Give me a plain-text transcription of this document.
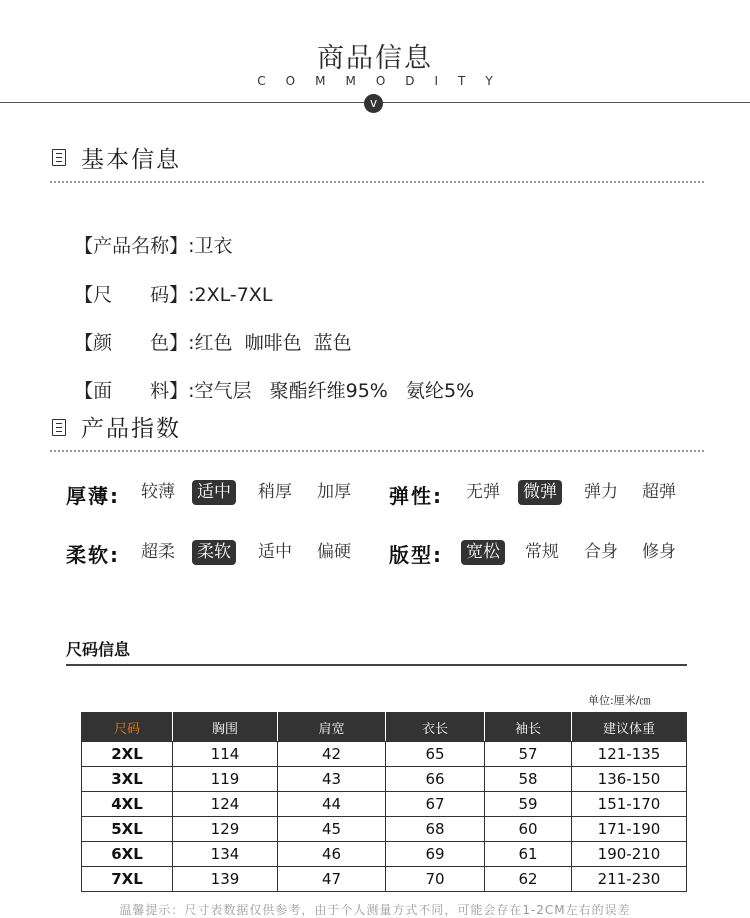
商品信息
COMMODITY
v
基本信息

【产品名称】:卫衣

【尺　　码】:2XL-7XL

【颜　　色】:红色  咖啡色  蓝色

【面　　料】:空气层   聚酯纤维95%   氨纶5%

产品指数
厚薄: 较薄 适中 稍厚 加厚 弹性: 无弹 微弹 弹力 超弹
柔软: 超柔 柔软 适中 偏硬 版型: 宽松 常规 合身 修身
尺码信息
单位:厘米/㎝
尺码	胸围	肩宽	衣长	袖长	建议体重
2XL	114	42	65	57	121-135
3XL	119	43	66	58	136-150
4XL	124	44	67	59	151-170
5XL	129	45	68	60	171-190
6XL	134	46	69	61	190-210
7XL	139	47	70	62	211-230
温馨提示：尺寸表数据仅供参考，由于个人测量方式不同，可能会存在1-2CM左右的误差
